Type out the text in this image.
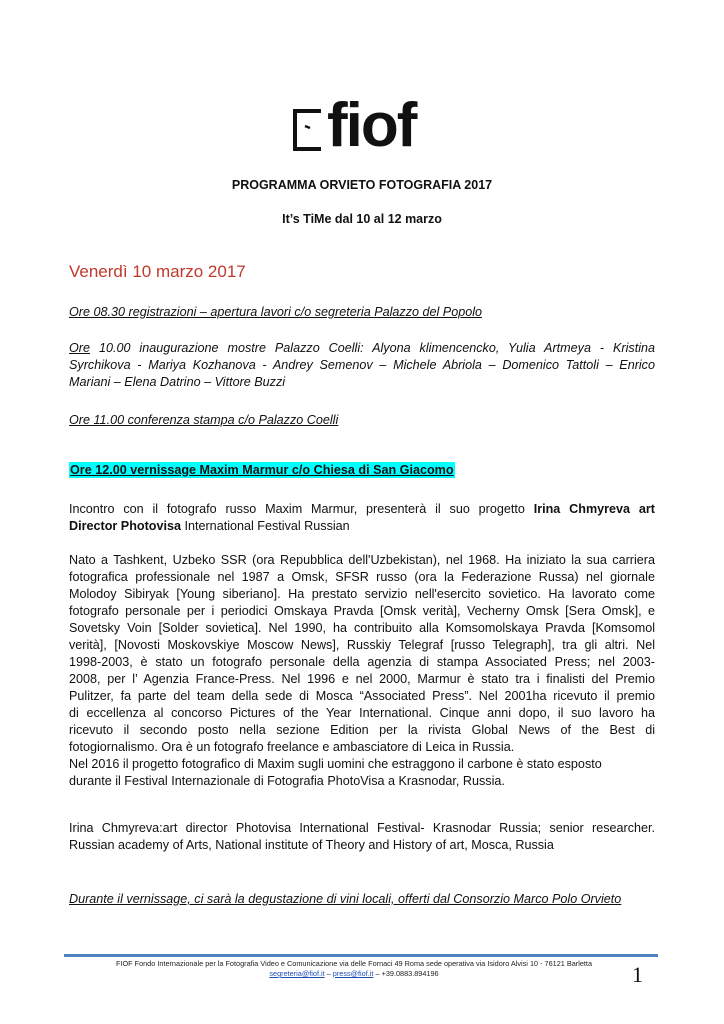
fiof
PROGRAMMA ORVIETO FOTOGRAFIA 2017
It’s TiMe dal 10 al 12 marzo
Venerdì 10 marzo 2017
Ore 08.30 registrazioni – apertura lavori c/o segreteria Palazzo del Popolo
Ore 10.00 inaugurazione mostre Palazzo Coelli: Alyona klimencencko, Yulia Artmeya - Kristina
Syrchikova - Mariya Kozhanova - Andrey Semenov – Michele Abriola – Domenico Tattoli – Enrico
Mariani – Elena Datrino – Vittore Buzzi
Ore 11.00 conferenza stampa c/o Palazzo Coelli
Ore 12.00 vernissage Maxim Marmur c/o Chiesa di San Giacomo
Incontro con il fotografo russo Maxim Marmur, presenterà il suo progetto Irina Chmyreva art
Director Photovisa International Festival Russian
Nato a Tashkent, Uzbeko SSR (ora Repubblica dell'Uzbekistan), nel 1968. Ha iniziato la sua carriera
fotografica professionale nel 1987 a Omsk, SFSR russo (ora la Federazione Russa) nel giornale
Molodoy Sibiryak [Young siberiano]. Ha prestato servizio nell'esercito sovietico. Ha lavorato come
fotografo personale per i periodici Omskaya Pravda [Omsk verità], Vecherny Omsk [Sera Omsk], e
Sovetsky Voin [Solder sovietica]. Nel 1990, ha contribuito alla Komsomolskaya Pravda [Komsomol
verità], [Novosti Moskovskiye Moscow News], Russkiy Telegraf [russo Telegraph], tra gli altri. Nel
1998-2003, è stato un fotografo personale della agenzia di stampa Associated Press; nel 2003-
2008, per l’ Agenzia France-Press. Nel 1996 e nel 2000, Marmur è stato tra i finalisti del Premio
Pulitzer, fa parte del team della sede di Mosca “Associated Press”. Nel 2001ha ricevuto il premio
di eccellenza al concorso Pictures of the Year International. Cinque anni dopo, il suo lavoro ha
ricevuto il secondo posto nella sezione Edition per la rivista Global News of the Best di
fotogiornalismo. Ora è un fotografo freelance e ambasciatore di Leica in Russia.
Nel 2016 il progetto fotografico di Maxim sugli uomini che estraggono il carbone è stato esposto
durante il Festival Internazionale di Fotografia PhotoVisa a Krasnodar, Russia.
Irina Chmyreva:art director Photovisa International Festival- Krasnodar Russia; senior researcher.
Russian academy of Arts, National institute of Theory and History of art, Mosca, Russia
Durante il vernissage, ci sarà la degustazione di vini locali, offerti dal Consorzio Marco Polo Orvieto
FIOF Fondo Internazionale per la Fotografia Video e Comunicazione via delle Fornaci 49 Roma sede operativa via Isidoro Alvisi 10 - 76121 Barletta
segreteria@fiof.it – press@fiof.it – +39.0883.894196	1
